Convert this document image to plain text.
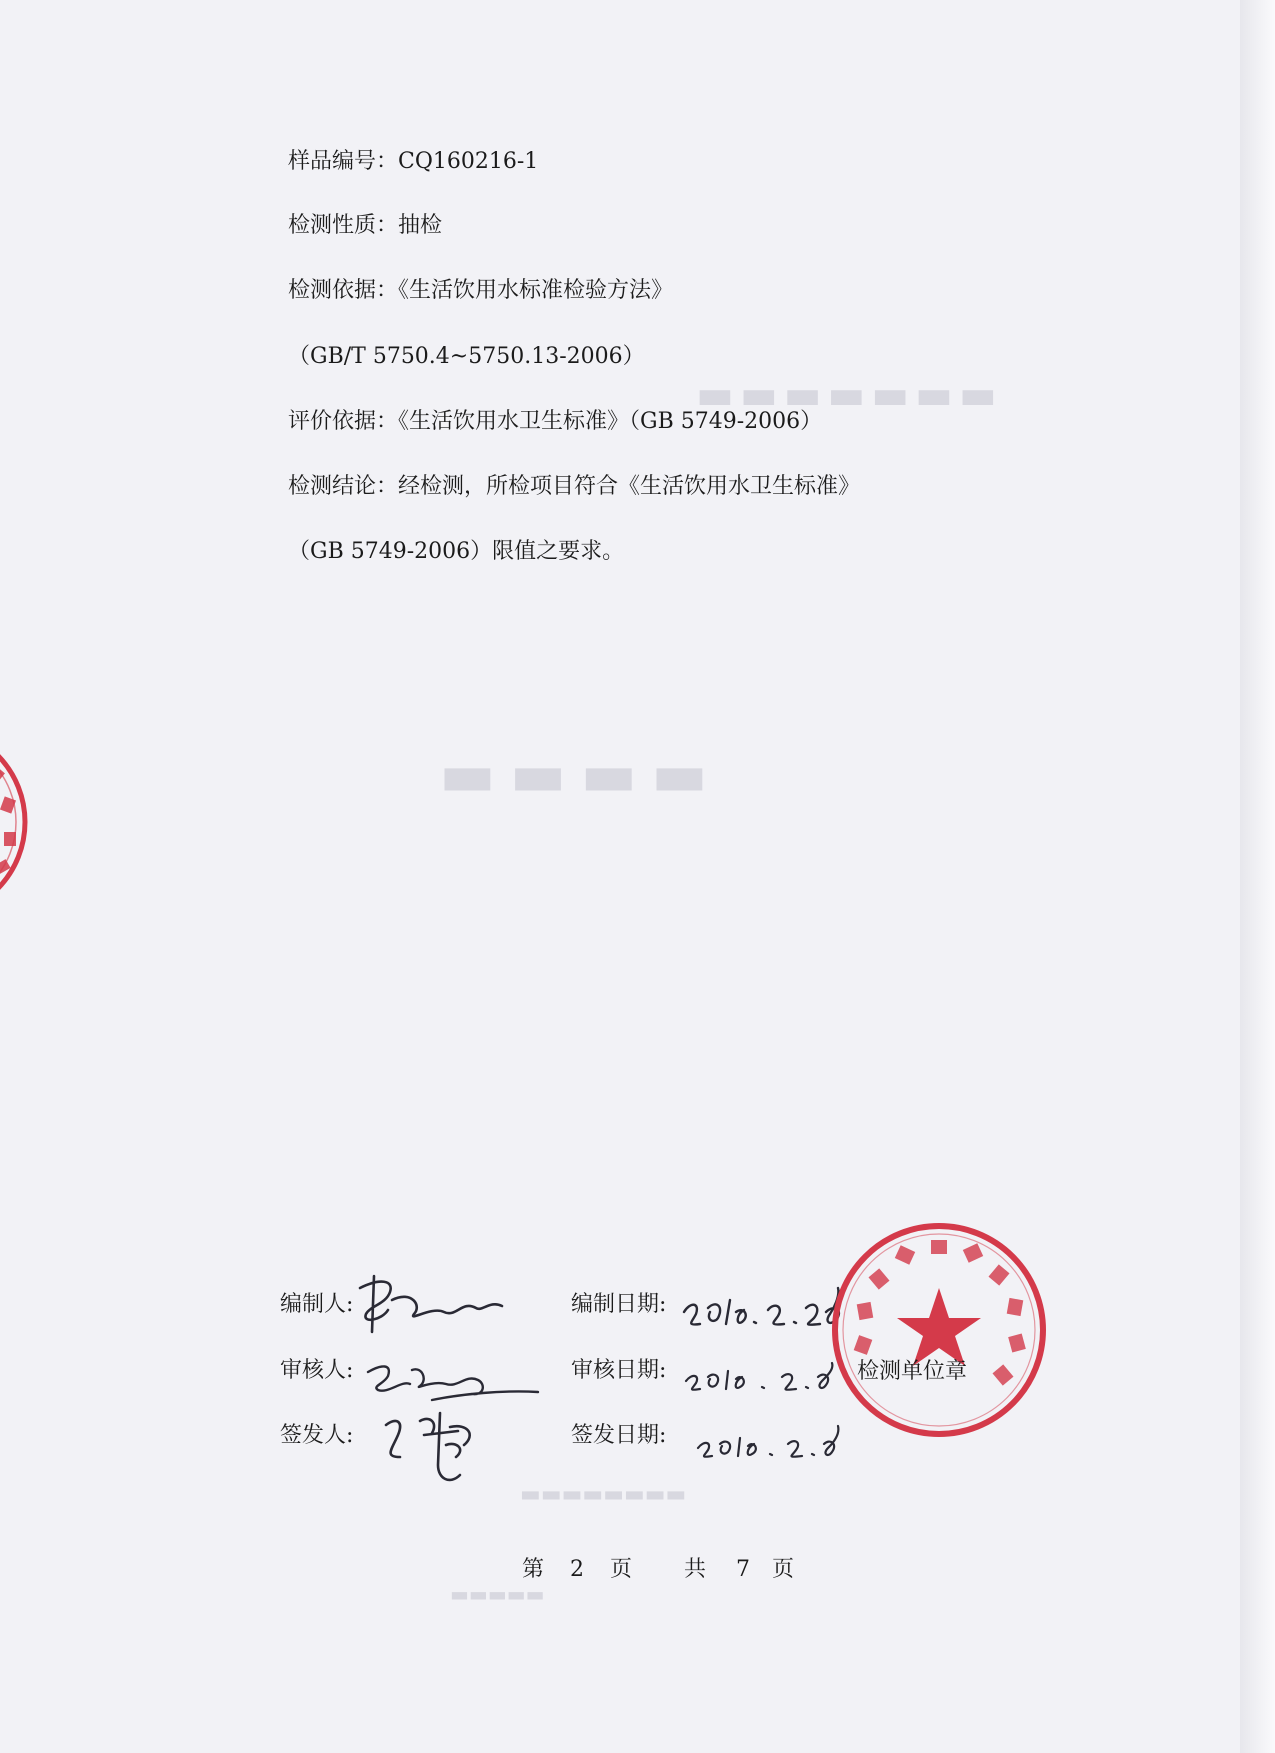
▬▬▬▬▬▬▬
▬▬▬▬
▬▬▬▬▬▬▬▬
▬▬▬▬▬
样品编号：CQ160216-1
检测性质：抽检
检测依据：《生活饮用水标准检验方法》
（GB/T 5750.4~5750.13-2006）
评价依据：《生活饮用水卫生标准》（GB 5749-2006）
检测结论：经检测，所检项目符合《生活饮用水卫生标准》
（GB 5749-2006）限值之要求。
编制人:
审核人:
签发人:
编制日期:
审核日期:
签发日期:
检测单位章
第 2 页 共 7 页
